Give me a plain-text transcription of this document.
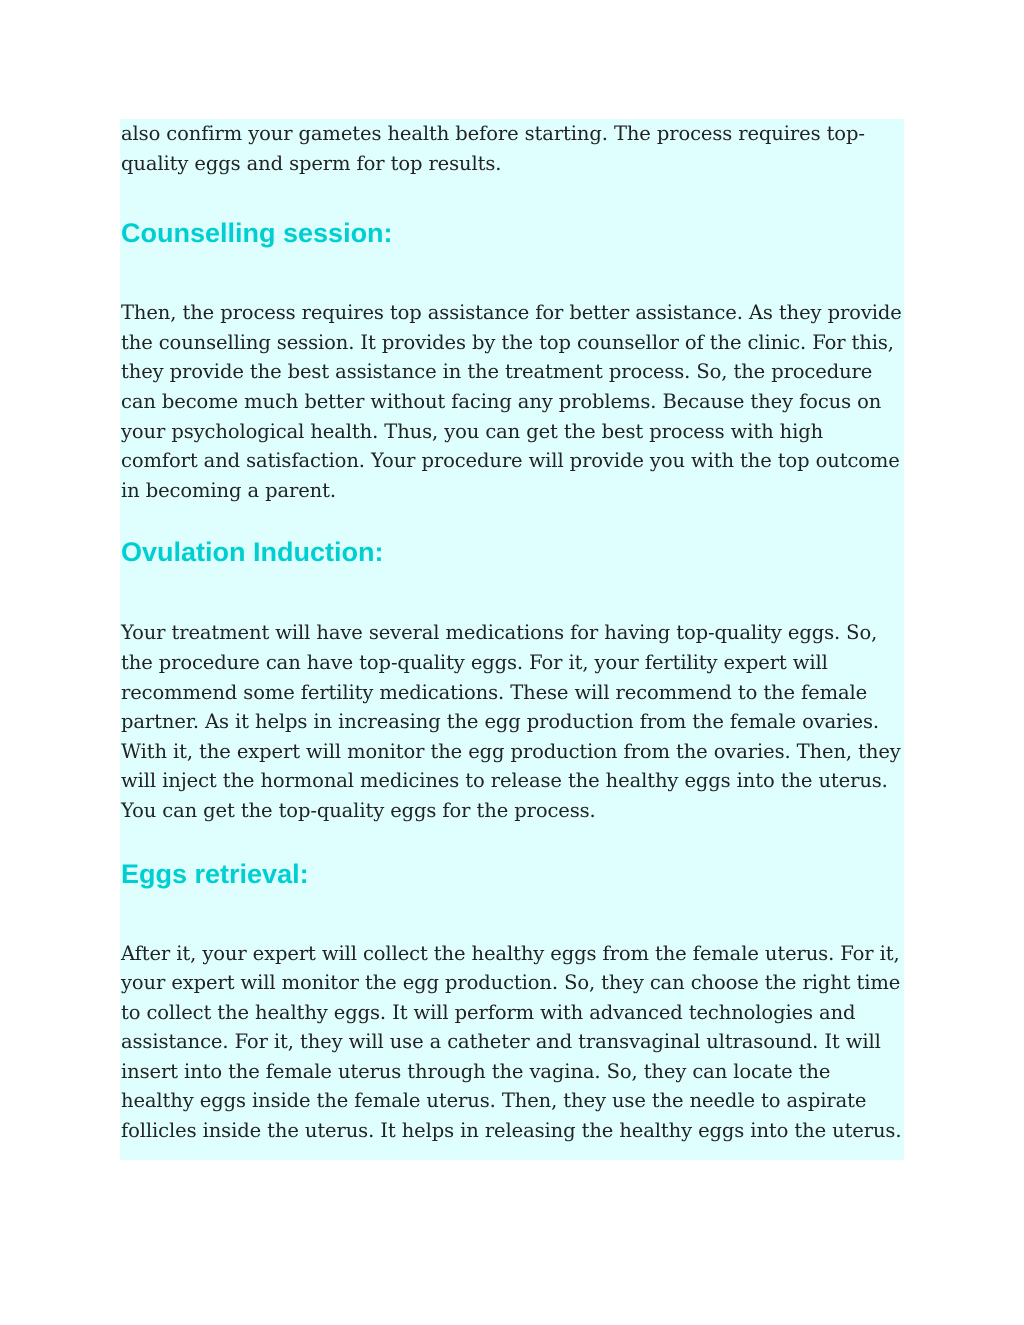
also confirm your gametes health before starting. The process requires top-quality eggs and sperm for top results.

Counselling session:

Then, the process requires top assistance for better assistance. As they provide the counselling session. It provides by the top counsellor of the clinic. For this, they provide the best assistance in the treatment process. So, the procedure can become much better without facing any problems. Because they focus on your psychological health. Thus, you can get the best process with high comfort and satisfaction. Your procedure will provide you with the top outcome in becoming a parent.

Ovulation Induction:

Your treatment will have several medications for having top-quality eggs. So, the procedure can have top-quality eggs. For it, your fertility expert will recommend some fertility medications. These will recommend to the female partner. As it helps in increasing the egg production from the female ovaries. With it, the expert will monitor the egg production from the ovaries. Then, they will inject the hormonal medicines to release the healthy eggs into the uterus. You can get the top-quality eggs for the process.

Eggs retrieval:

After it, your expert will collect the healthy eggs from the female uterus. For it, your expert will monitor the egg production. So, they can choose the right time to collect the healthy eggs. It will perform with advanced technologies and assistance. For it, they will use a catheter and transvaginal ultrasound. It will insert into the female uterus through the vagina. So, they can locate the healthy eggs inside the female uterus. Then, they use the needle to aspirate follicles inside the uterus. It helps in releasing the healthy eggs into the uterus.
